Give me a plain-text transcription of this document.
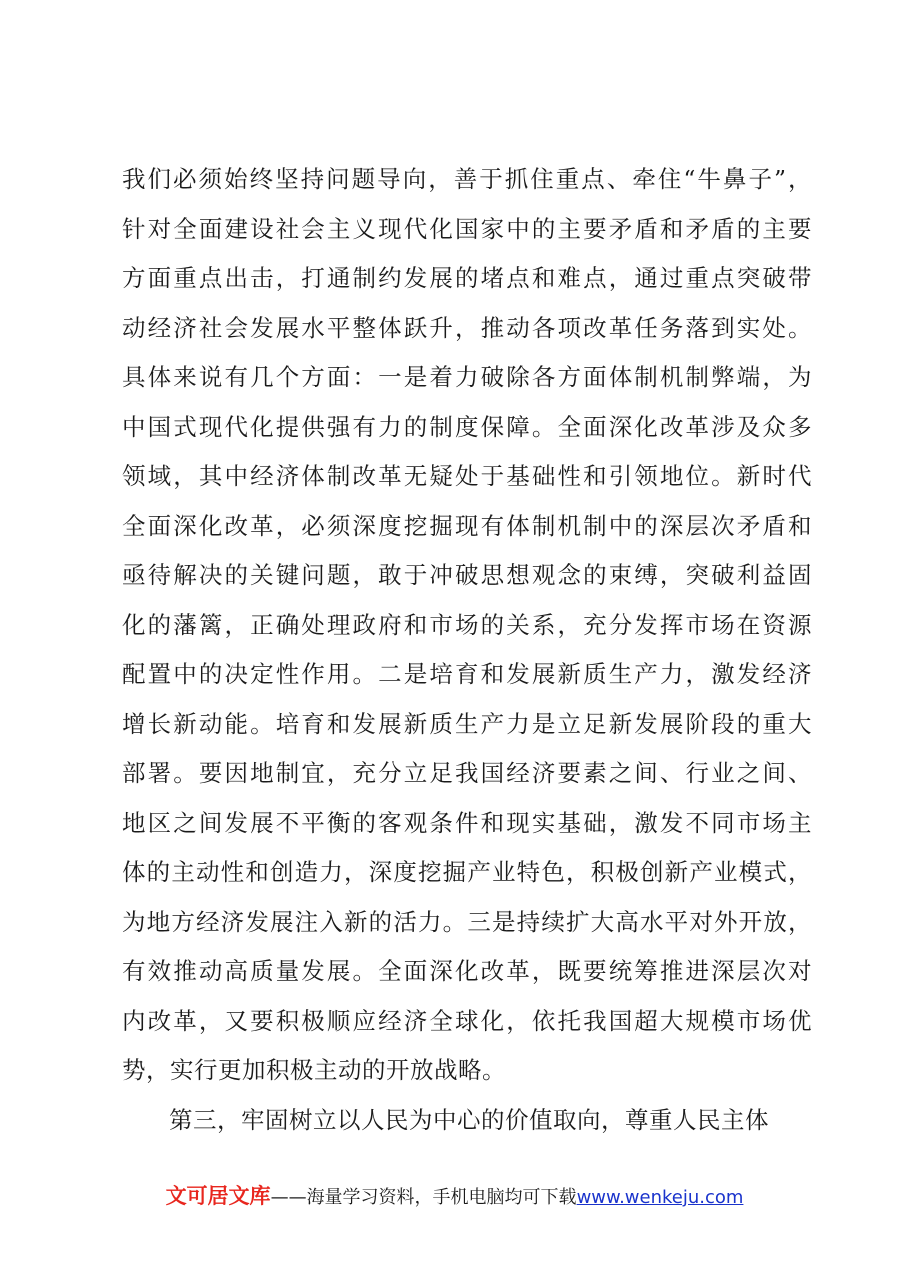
我们必须始终坚持问题导向，善于抓住重点、牵住“牛鼻子”，
针对全面建设社会主义现代化国家中的主要矛盾和矛盾的主要
方面重点出击，打通制约发展的堵点和难点，通过重点突破带
动经济社会发展水平整体跃升，推动各项改革任务落到实处。
具体来说有几个方面：一是着力破除各方面体制机制弊端，为
中国式现代化提供强有力的制度保障。全面深化改革涉及众多
领域，其中经济体制改革无疑处于基础性和引领地位。新时代
全面深化改革，必须深度挖掘现有体制机制中的深层次矛盾和
亟待解决的关键问题，敢于冲破思想观念的束缚，突破利益固
化的藩篱，正确处理政府和市场的关系，充分发挥市场在资源
配置中的决定性作用。二是培育和发展新质生产力，激发经济
增长新动能。培育和发展新质生产力是立足新发展阶段的重大
部署。要因地制宜，充分立足我国经济要素之间、行业之间、
地区之间发展不平衡的客观条件和现实基础，激发不同市场主
体的主动性和创造力，深度挖掘产业特色，积极创新产业模式，
为地方经济发展注入新的活力。三是持续扩大高水平对外开放，
有效推动高质量发展。全面深化改革，既要统筹推进深层次对
内改革，又要积极顺应经济全球化，依托我国超大规模市场优
势，实行更加积极主动的开放战略。
第三，牢固树立以人民为中心的价值取向，尊重人民主体
文可居文库——海量学习资料，手机电脑均可下载www.wenkeju.com
